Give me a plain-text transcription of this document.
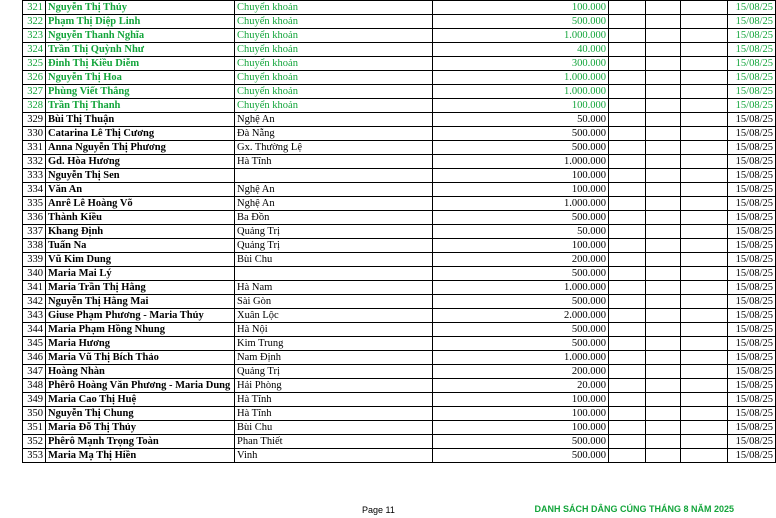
321	Nguyễn Thị Thủy	Chuyển khoản	100.000				15/08/25
322	Phạm Thị Diệp Linh	Chuyển khoản	500.000				15/08/25
323	Nguyễn Thanh Nghĩa	Chuyển khoản	1.000.000				15/08/25
324	Trần Thị Quỳnh Như	Chuyển khoản	40.000				15/08/25
325	Đinh Thị Kiều Diễm	Chuyển khoản	300.000				15/08/25
326	Nguyễn Thị Hoa	Chuyển khoản	1.000.000				15/08/25
327	Phùng Viết Thắng	Chuyển khoản	1.000.000				15/08/25
328	Trần Thị Thanh	Chuyển khoản	100.000				15/08/25
329	Bùi Thị Thuận	Nghệ An	50.000				15/08/25
330	Catarina Lê Thị Cương	Đà Nẵng	500.000				15/08/25
331	Anna Nguyễn Thị Phương	Gx. Thường Lệ	500.000				15/08/25
332	Gd. Hòa Hương	Hà Tĩnh	1.000.000				15/08/25
333	Nguyễn Thị Sen		100.000				15/08/25
334	Văn An	Nghệ An	100.000				15/08/25
335	Anrê Lê Hoàng Võ	Nghệ An	1.000.000				15/08/25
336	Thành Kiều	Ba Đồn	500.000				15/08/25
337	Khang Định	Quảng Trị	50.000				15/08/25
338	Tuấn Na	Quảng Trị	100.000				15/08/25
339	Vũ Kim Dung	Bùi Chu	200.000				15/08/25
340	Maria Mai Lý		500.000				15/08/25
341	Maria Trần Thị Hằng	Hà Nam	1.000.000				15/08/25
342	Nguyễn Thị Hằng Mai	Sài Gòn	500.000				15/08/25
343	Giuse Phạm Phương - Maria Thủy	Xuân Lộc	2.000.000				15/08/25
344	Maria Phạm Hồng Nhung	Hà Nội	500.000				15/08/25
345	Maria Hương	Kim Trung	500.000				15/08/25
346	Maria Vũ Thị Bích Thảo	Nam Định	1.000.000				15/08/25
347	Hoàng Nhàn	Quảng Trị	200.000				15/08/25
348	Phêrô Hoàng Văn Phương - Maria Dung	Hải Phòng	20.000				15/08/25
349	Maria Cao Thị Huệ	Hà Tĩnh	100.000				15/08/25
350	Nguyễn Thị Chung	Hà Tĩnh	100.000				15/08/25
351	Maria Đỗ Thị Thủy	Bùi Chu	100.000				15/08/25
352	Phêrô Mạnh Trọng Toàn	Phan Thiết	500.000				15/08/25
353	Maria Mạ Thị Hiền	Vinh	500.000				15/08/25
Page 11	DANH SÁCH DÂNG CÚNG THÁNG 8 NĂM 2025
